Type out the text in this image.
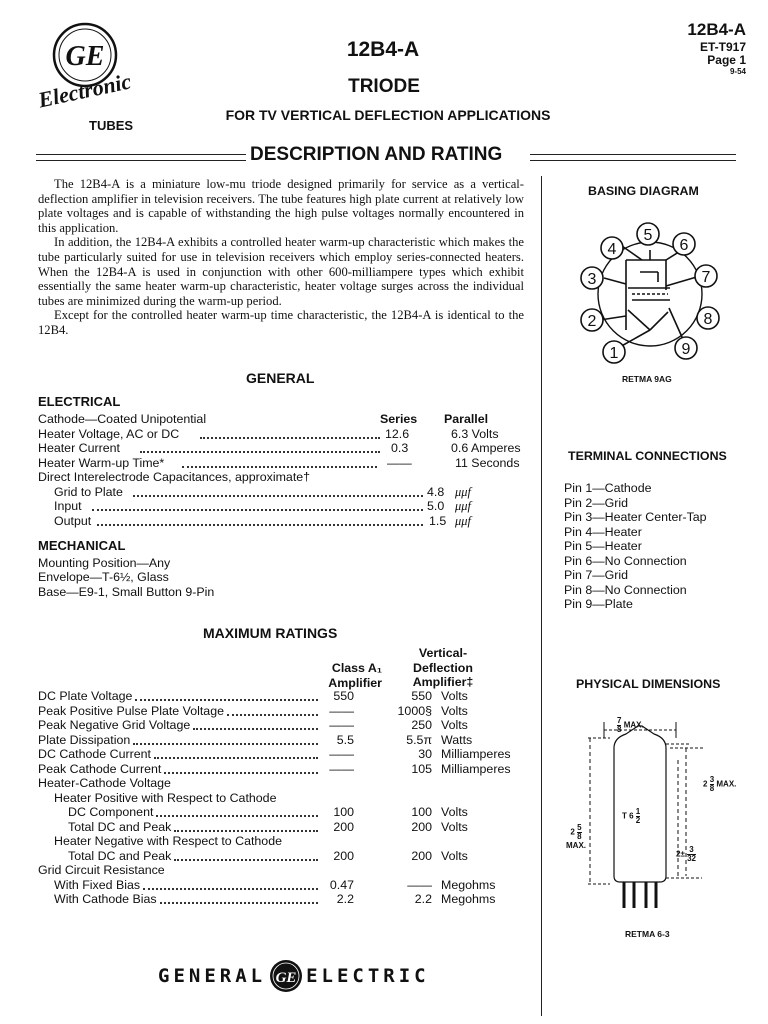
GE
Electronic
TUBES
12B4-A
TRIODE
FOR TV VERTICAL DEFLECTION APPLICATIONS
12B4-A
ET-T917
Page 1
9-54
DESCRIPTION AND RATING

The 12B4-A is a miniature low-mu triode designed primarily for service as a vertical-deflection amplifier in television receivers. The tube features high plate current at relatively low plate voltages and is capable of withstanding the high pulse voltages normally encountered in this application.

In addition, the 12B4-A exhibits a controlled heater warm-up characteristic which makes the tube particularly suited for use in television receivers which employ series-connected heaters. When the 12B4-A is used in conjunction with other 600-milliampere types which exhibit essentially the same heater warm-up characteristic, heater voltage surges across the individual tubes are minimized during the warm-up period.

Except for the controlled heater warm-up time characteristic, the 12B4-A is identical to the 12B4.

GENERAL
ELECTRICAL
Series Parallel
Cathode—Coated Unipotential
Heater Voltage, AC or DC	12.6	6.3 Volts
Heater Current	0.3	0.6 Amperes
Heater Warm-up Time*	——	11 Seconds
Direct Interelectrode Capacitances, approximate†
Grid to Plate	4.8 μμf
Input	5.0 μμf
Output	1.5 μμf
MECHANICAL
Mounting Position—Any
Envelope—T-6½, Glass
Base—E9-1, Small Button 9-Pin
MAXIMUM RATINGS
Vertical-
Deflection
Amplifier‡
Class A₁
Amplifier
DC Plate Voltage	550	550 Volts
Peak Positive Pulse Plate Voltage	——	1000§ Volts
Peak Negative Grid Voltage	——	250 Volts
Plate Dissipation	5.5	5.5π Watts
DC Cathode Current	——	30 Milliamperes
Peak Cathode Current	——	105 Milliamperes
Heater-Cathode Voltage
Heater Positive with Respect to Cathode
DC Component	100	100 Volts
Total DC and Peak	200	200 Volts
Heater Negative with Respect to Cathode
Total DC and Peak	200	200 Volts
Grid Circuit Resistance
With Fixed Bias	0.47	—— Megohms
With Cathode Bias	2.2	2.2 Megohms
BASING DIAGRAM
1
2
3
4
5
6
7
8
9
RETMA 9AG
TERMINAL CONNECTIONS
Pin 1—Cathode
Pin 2—Grid
Pin 3—Heater Center-Tap
Pin 4—Heater
Pin 5—Heater
Pin 6—No Connection
Pin 7—Grid
Pin 8—No Connection
Pin 9—Plate
PHYSICAL DIMENSIONS
$\frac{7}{8}$ MAX.
T $6 \frac{1}{2}$
$2 \frac{5}{8}$
MAX.
$2 \frac{3}{8}$ MAX.
$2\pm \frac{3}{32}$
RETMA 6-3
GENERAL GE ELECTRIC
